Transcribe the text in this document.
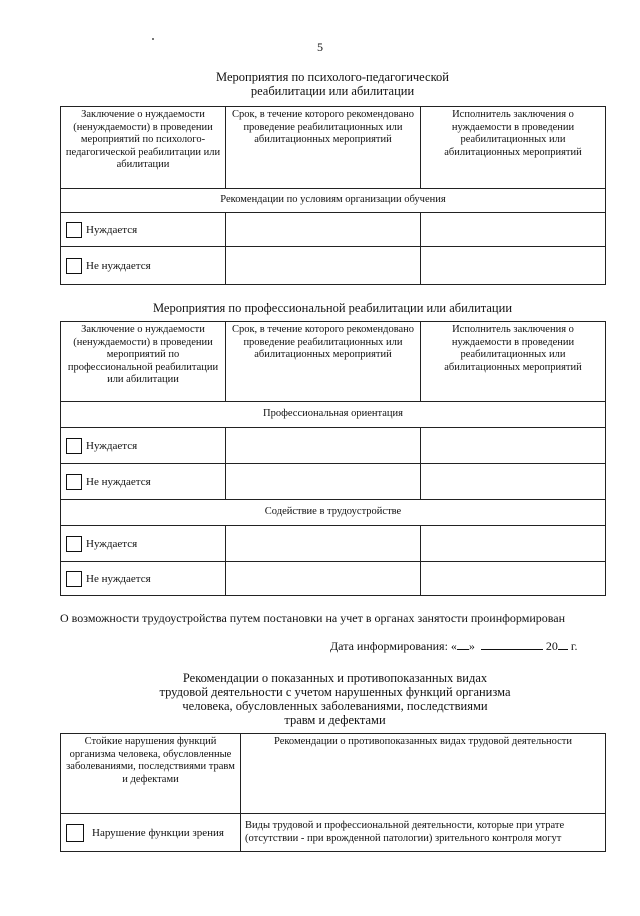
5
Мероприятия по психолого-педагогической
реабилитации или абилитации
Заключение о нуждаемости (ненуждаемости) в проведении мероприятий по психолого-педагогической реабилитации или абилитации	Срок, в течение которого рекомендовано проведение реабилитационных или абилитационных мероприятий	Исполнитель заключения о нуждаемости в проведении реабилитационных или абилитационных мероприятий
Рекомендации по условиям организации обучения		
Нуждается		
Не нуждается		
Мероприятия по профессиональной реабилитации или абилитации
Заключение о нуждаемости (ненуждаемости) в проведении мероприятий по профессиональной реабилитации или абилитации	Срок, в течение которого рекомендовано проведение реабилитационных или абилитационных мероприятий	Исполнитель заключения о нуждаемости в проведении реабилитационных или абилитационных мероприятий
Профессиональная ориентация		
Нуждается		
Не нуждается		
Содействие в трудоустройстве		
Нуждается		
Не нуждается		
О возможности трудоустройства путем постановки на учет в органах занятости проинформирован
Дата информирования: « »	20 г.
Рекомендации о показанных и противопоказанных видах
трудовой деятельности с учетом нарушенных функций организма
человека, обусловленных заболеваниями, последствиями
травм и дефектами
Стойкие нарушения функций организма человека, обусловленные заболеваниями, последствиями травм и дефектами	Рекомендации о противопоказанных видах трудовой деятельности
Нарушение функции зрения	Виды трудовой и профессиональной деятельности, которые при утрате (отсутствии - при врожденной патологии) зрительного контроля могут
